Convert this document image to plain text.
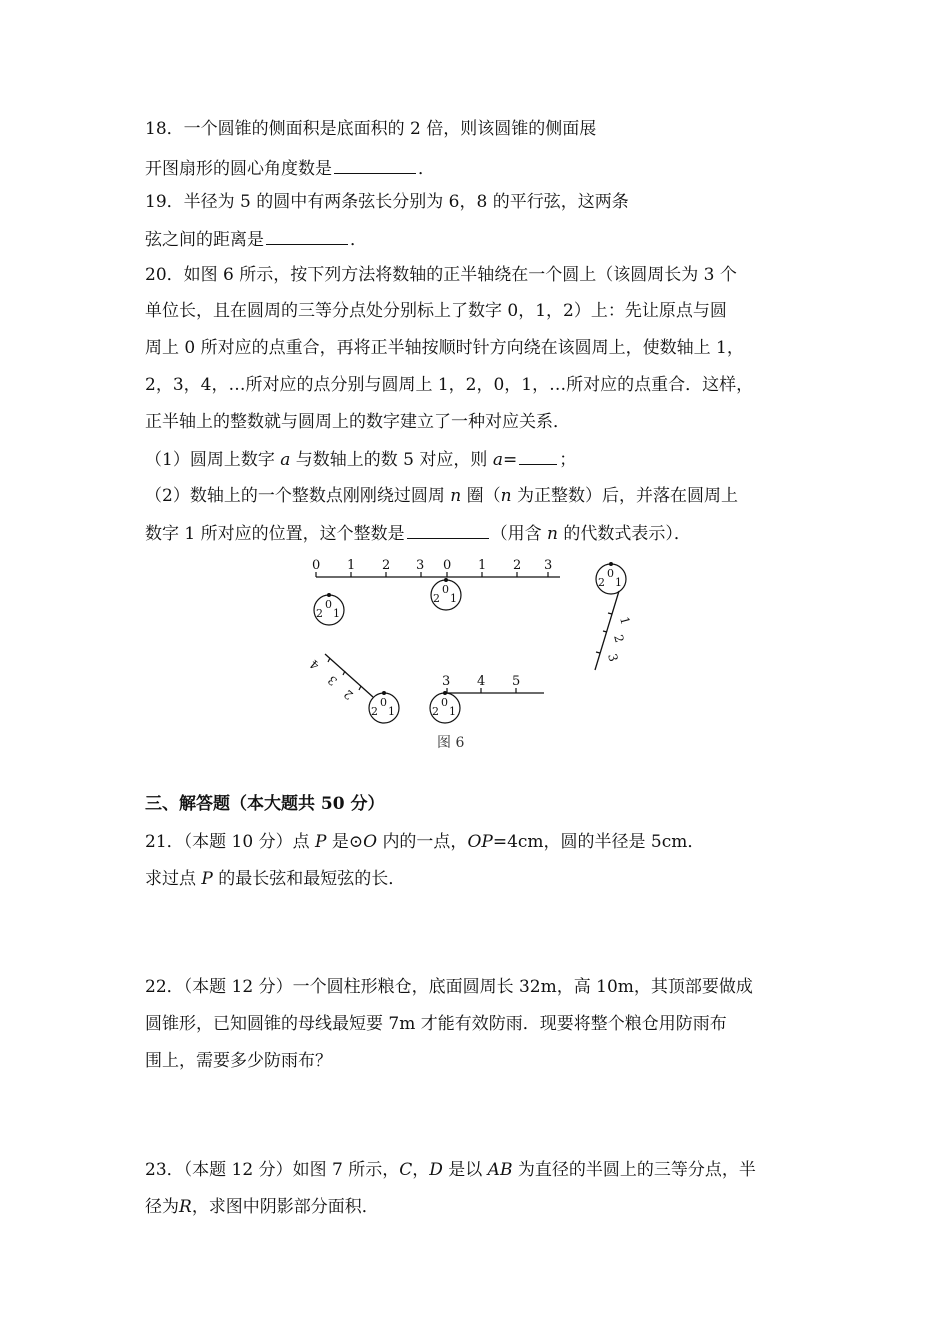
18．一个圆锥的侧面积是底面积的 2 倍，则该圆锥的侧面展
开图扇形的圆心角度数是	．
19．半径为 5 的圆中有两条弦长分别为 6，8 的平行弦，这两条
弦之间的距离是	．
20．如图 6 所示，按下列方法将数轴的正半轴绕在一个圆上（该圆周长为 3 个
单位长，且在圆周的三等分点处分别标上了数字 0，1，2）上：先让原点与圆
周上 0 所对应的点重合，再将正半轴按顺时针方向绕在该圆周上，使数轴上 1，
2，3，4，…所对应的点分别与圆周上 1，2，0，1，…所对应的点重合．这样，
正半轴上的整数就与圆周上的数字建立了一种对应关系．
（1）圆周上数字 a 与数轴上的数 5 对应，则 a= ；
（2）数轴上的一个整数点刚刚绕过圆周 n 圈（n 为正整数）后，并落在圆周上
数字 1 所对应的位置，这个整数是	（用含 n 的代数式表示）．
0 1 2 3 0 1 2 3
0
2 1
0
2 1
0
2 1
1
2
3
0
2 1
4
3
2
0
2 1
3 4 5
图 6
三、解答题（本大题共 50 分）
21．（本题 10 分）点 P 是⊙O 内的一点，OP=4cm，圆的半径是 5cm．
求过点 P 的最长弦和最短弦的长．
22．（本题 12 分）一个圆柱形粮仓，底面圆周长 32m，高 10m，其顶部要做成
圆锥形，已知圆锥的母线最短要 7m 才能有效防雨．现要将整个粮仓用防雨布
围上，需要多少防雨布？
23．（本题 12 分）如图 7 所示，C，D 是以 AB 为直径的半圆上的三等分点，半
径为R，求图中阴影部分面积．
